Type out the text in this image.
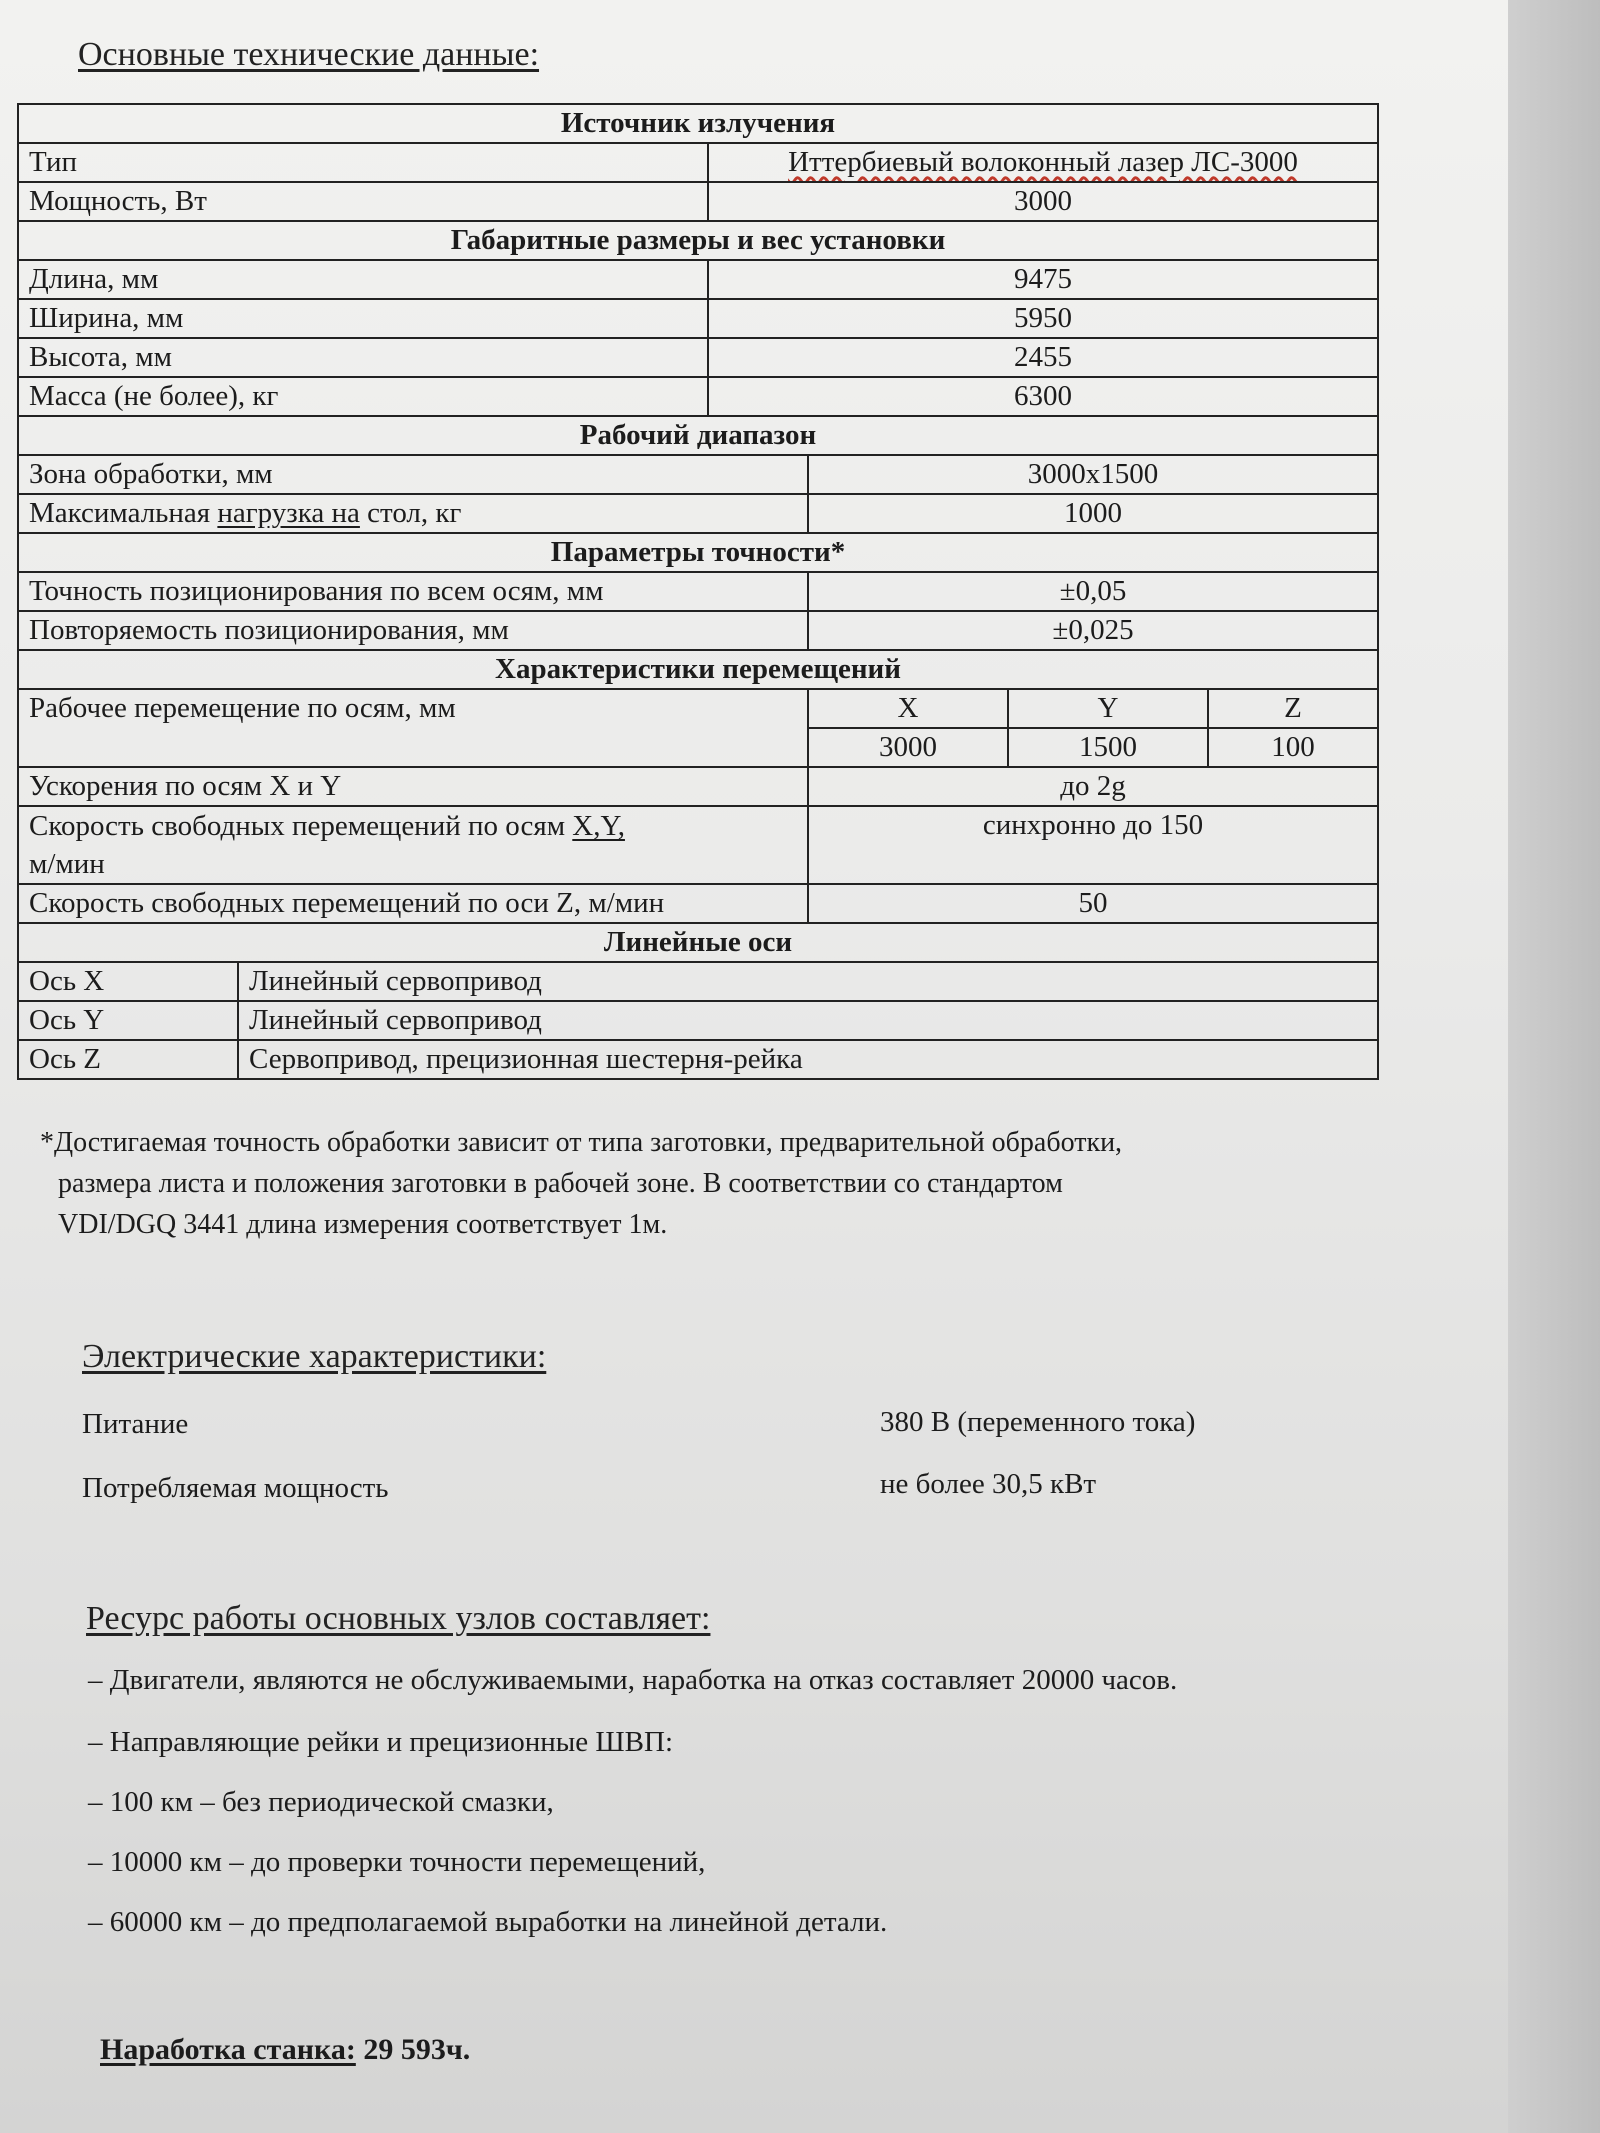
Основные технические данные:
Источник излучения					
Тип		Иттербиевый волоконный лазер ЛС-3000			
Мощность, Вт		3000			
Габаритные размеры и вес установки					
Длина, мм		9475			
Ширина, мм		5950			
Высота, мм		2455			
Масса (не более), кг		6300			
Рабочий диапазон					
Зона обработки, мм			3000x1500		
Максимальная нагрузка на стол, кг			1000		
Параметры точности*					
Точность позиционирования по всем осям, мм			±0,05		
Повторяемость позиционирования, мм			±0,025		
Характеристики перемещений					
Рабочее перемещение по осям, мм			X	Y	Z
			3000	1500	100
Ускорения по осям X и Y			до 2g		
Скорость свободных перемещений по осям X,Y,
м/мин			синхронно до 150		
Скорость свободных перемещений по оси Z, м/мин			50		
Линейные оси					
Ось X	Линейный сервопривод				
Ось Y	Линейный сервопривод				
Ось Z	Сервопривод, прецизионная шестерня-рейка				
*Достигаемая точность обработки зависит от типа заготовки, предварительной обработки,
размера листа и положения заготовки в рабочей зоне. В соответствии со стандартом
VDI/DGQ 3441 длина измерения соответствует 1м.
Электрические характеристики:
Питание	380 В (переменного тока)
Потребляемая мощность	не более 30,5 кВт
Ресурс работы основных узлов составляет:
– Двигатели, являются не обслуживаемыми, наработка на отказ составляет 20000 часов.
– Направляющие рейки и прецизионные ШВП:
– 100 км – без периодической смазки,
– 10000 км – до проверки точности перемещений,
– 60000 км – до предполагаемой выработки на линейной детали.
Наработка станка: 29 593ч.
